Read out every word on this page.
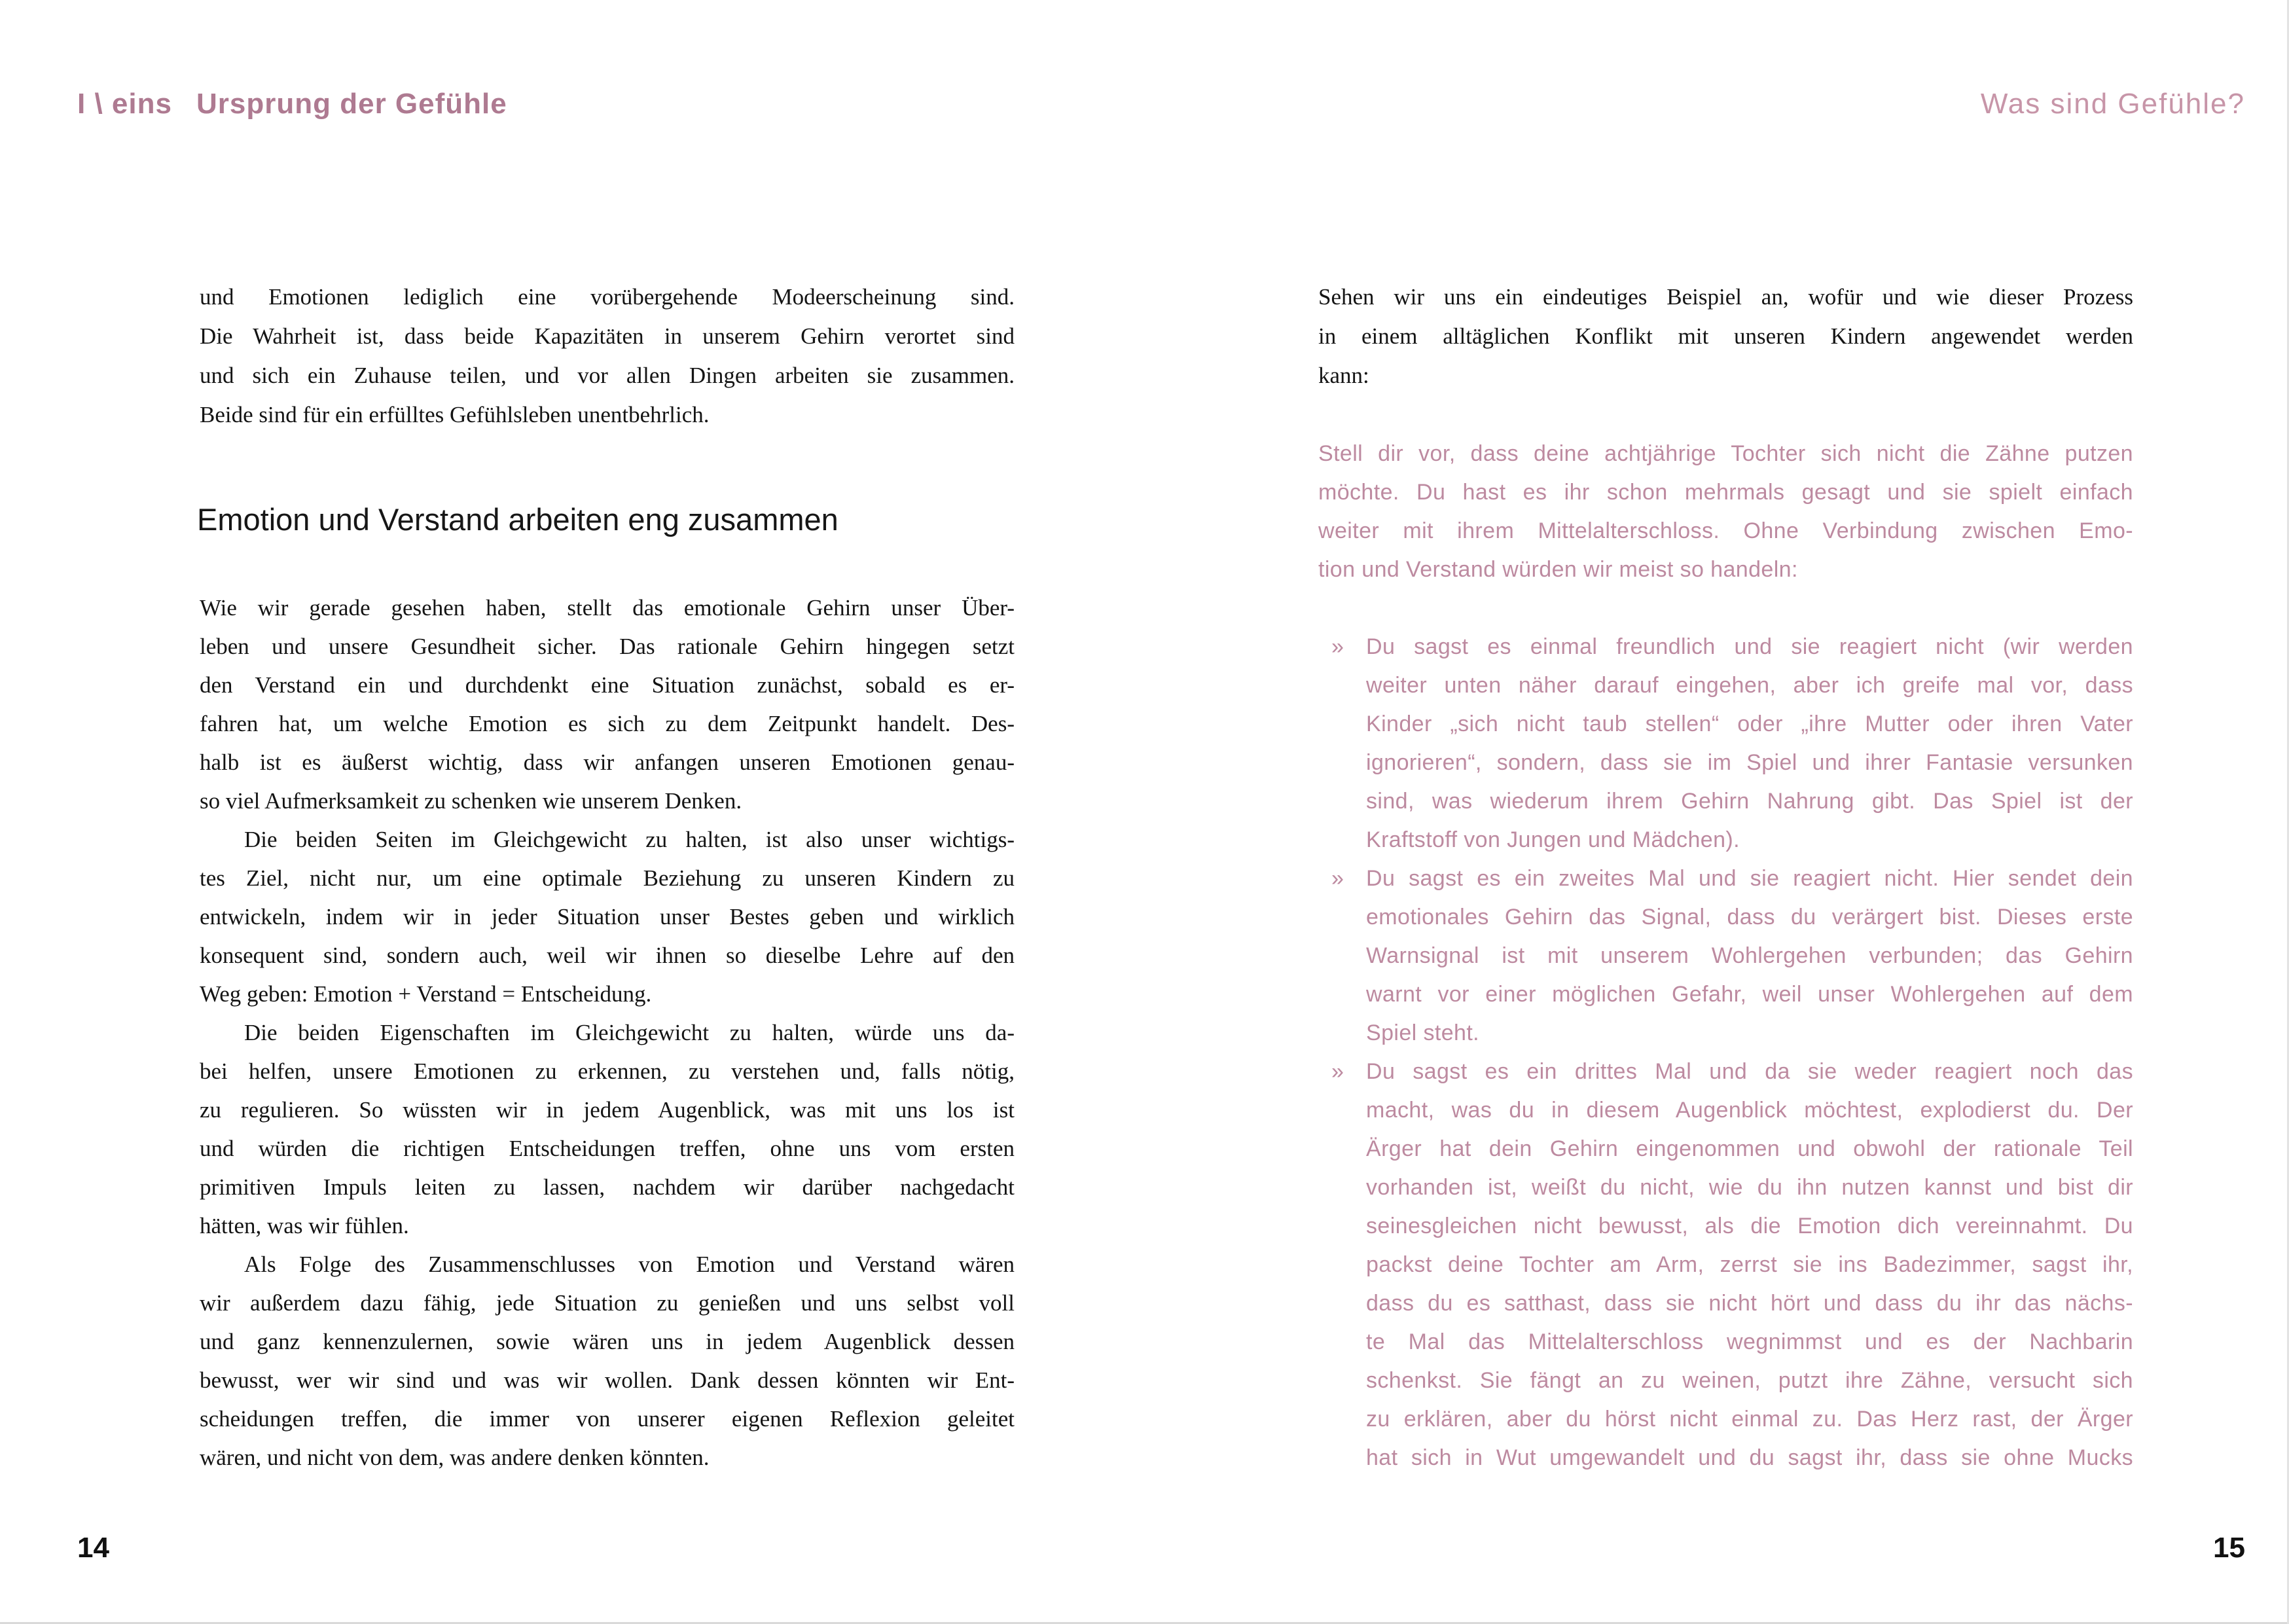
I \ eins Ursprung der Gefühle
und Emotionen lediglich eine vorübergehende Modeerscheinung sind.
Die Wahrheit ist, dass beide Kapazitäten in unserem Gehirn verortet sind
und sich ein Zuhause teilen, und vor allen Dingen arbeiten sie zusammen.
Beide sind für ein erfülltes Gefühlsleben unentbehrlich.
Emotion und Verstand arbeiten eng zusammen
Wie wir gerade gesehen haben, stellt das emotionale Gehirn unser Über-
leben und unsere Gesundheit sicher. Das rationale Gehirn hingegen setzt
den Verstand ein und durchdenkt eine Situation zunächst, sobald es er-
fahren hat, um welche Emotion es sich zu dem Zeitpunkt handelt. Des-
halb ist es äußerst wichtig, dass wir anfangen unseren Emotionen genau-
so viel Aufmerksamkeit zu schenken wie unserem Denken.
Die beiden Seiten im Gleichgewicht zu halten, ist also unser wichtigs-
tes Ziel, nicht nur, um eine optimale Beziehung zu unseren Kindern zu
entwickeln, indem wir in jeder Situation unser Bestes geben und wirklich
konsequent sind, sondern auch, weil wir ihnen so dieselbe Lehre auf den
Weg geben: Emotion + Verstand = Entscheidung.
Die beiden Eigenschaften im Gleichgewicht zu halten, würde uns da-
bei helfen, unsere Emotionen zu erkennen, zu verstehen und, falls nötig,
zu regulieren. So wüssten wir in jedem Augenblick, was mit uns los ist
und würden die richtigen Entscheidungen treffen, ohne uns vom ersten
primitiven Impuls leiten zu lassen, nachdem wir darüber nachgedacht
hätten, was wir fühlen.
Als Folge des Zusammenschlusses von Emotion und Verstand wären
wir außerdem dazu fähig, jede Situation zu genießen und uns selbst voll
und ganz kennenzulernen, sowie wären uns in jedem Augenblick dessen
bewusst, wer wir sind und was wir wollen. Dank dessen könnten wir Ent-
scheidungen treffen, die immer von unserer eigenen Reflexion geleitet
wären, und nicht von dem, was andere denken könnten.
14
Was sind Gefühle?
Sehen wir uns ein eindeutiges Beispiel an, wofür und wie dieser Prozess
in einem alltäglichen Konflikt mit unseren Kindern angewendet werden
kann:
Stell dir vor, dass deine achtjährige Tochter sich nicht die Zähne putzen
möchte. Du hast es ihr schon mehrmals gesagt und sie spielt einfach
weiter mit ihrem Mittelalterschloss. Ohne Verbindung zwischen Emo-
tion und Verstand würden wir meist so handeln:
» Du sagst es einmal freundlich und sie reagiert nicht (wir werden
weiter unten näher darauf eingehen, aber ich greife mal vor, dass
Kinder „sich nicht taub stellen“ oder „ihre Mutter oder ihren Vater
ignorieren“, sondern, dass sie im Spiel und ihrer Fantasie versunken
sind, was wiederum ihrem Gehirn Nahrung gibt. Das Spiel ist der
Kraftstoff von Jungen und Mädchen).
» Du sagst es ein zweites Mal und sie reagiert nicht. Hier sendet dein
emotionales Gehirn das Signal, dass du verärgert bist. Dieses erste
Warnsignal ist mit unserem Wohlergehen verbunden; das Gehirn
warnt vor einer möglichen Gefahr, weil unser Wohlergehen auf dem
Spiel steht.
» Du sagst es ein drittes Mal und da sie weder reagiert noch das
macht, was du in diesem Augenblick möchtest, explodierst du. Der
Ärger hat dein Gehirn eingenommen und obwohl der rationale Teil
vorhanden ist, weißt du nicht, wie du ihn nutzen kannst und bist dir
seinesgleichen nicht bewusst, als die Emotion dich vereinnahmt. Du
packst deine Tochter am Arm, zerrst sie ins Badezimmer, sagst ihr,
dass du es satthast, dass sie nicht hört und dass du ihr das nächs-
te Mal das Mittelalterschloss wegnimmst und es der Nachbarin
schenkst. Sie fängt an zu weinen, putzt ihre Zähne, versucht sich
zu erklären, aber du hörst nicht einmal zu. Das Herz rast, der Ärger
hat sich in Wut umgewandelt und du sagst ihr, dass sie ohne Mucks
15
